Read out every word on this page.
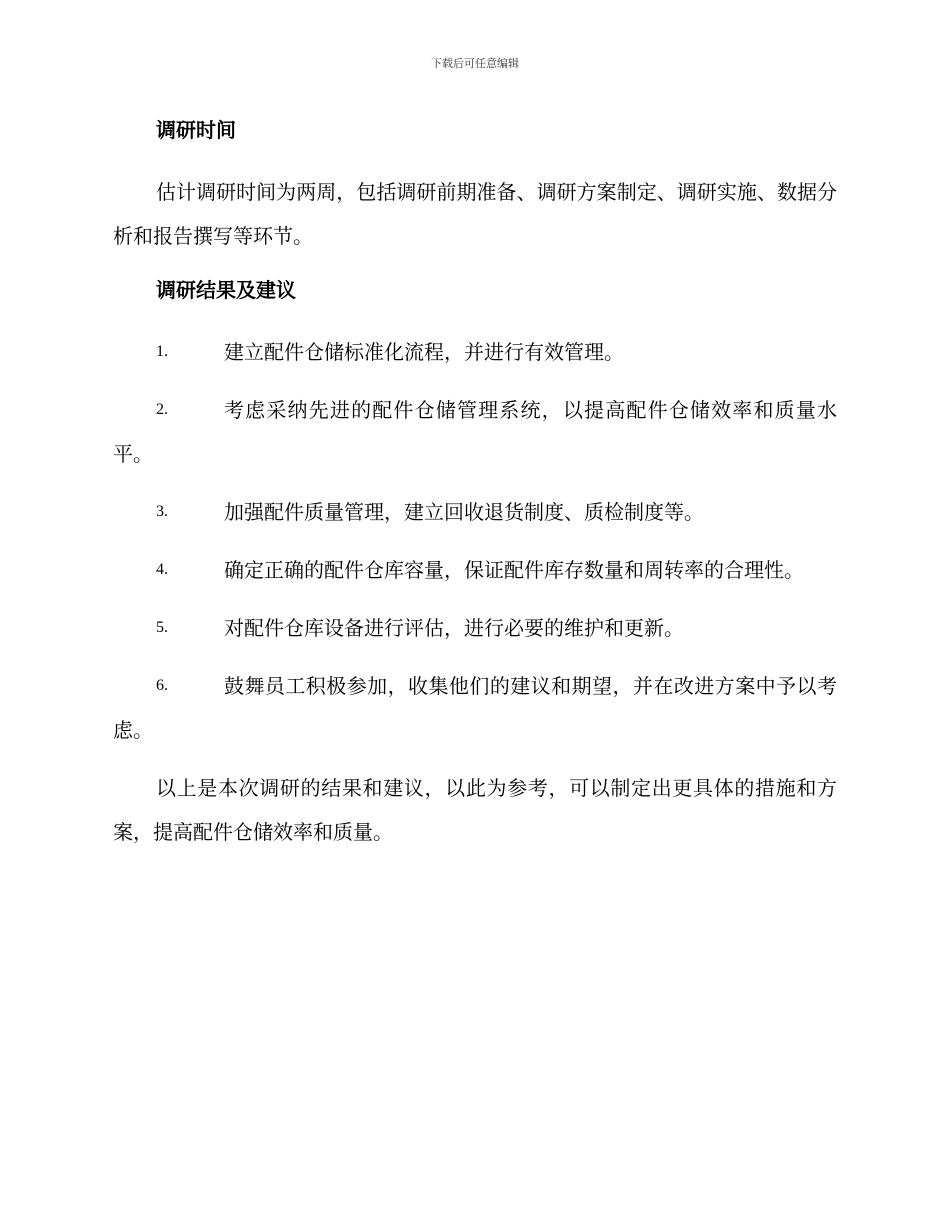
下载后可任意编辑
调研时间

估计调研时间为两周，包括调研前期准备、调研方案制定、调研实施、数据分析和报告撰写等环节。

调研结果及建议
1.	建立配件仓储标准化流程，并进行有效管理。
2.	考虑采纳先进的配件仓储管理系统，以提高配件仓储效率和质量水平。
3.	加强配件质量管理，建立回收退货制度、质检制度等。
4.	确定正确的配件仓库容量，保证配件库存数量和周转率的合理性。
5.	对配件仓库设备进行评估，进行必要的维护和更新。
6.	鼓舞员工积极参加，收集他们的建议和期望，并在改进方案中予以考虑。

以上是本次调研的结果和建议，以此为参考，可以制定出更具体的措施和方案，提高配件仓储效率和质量。
